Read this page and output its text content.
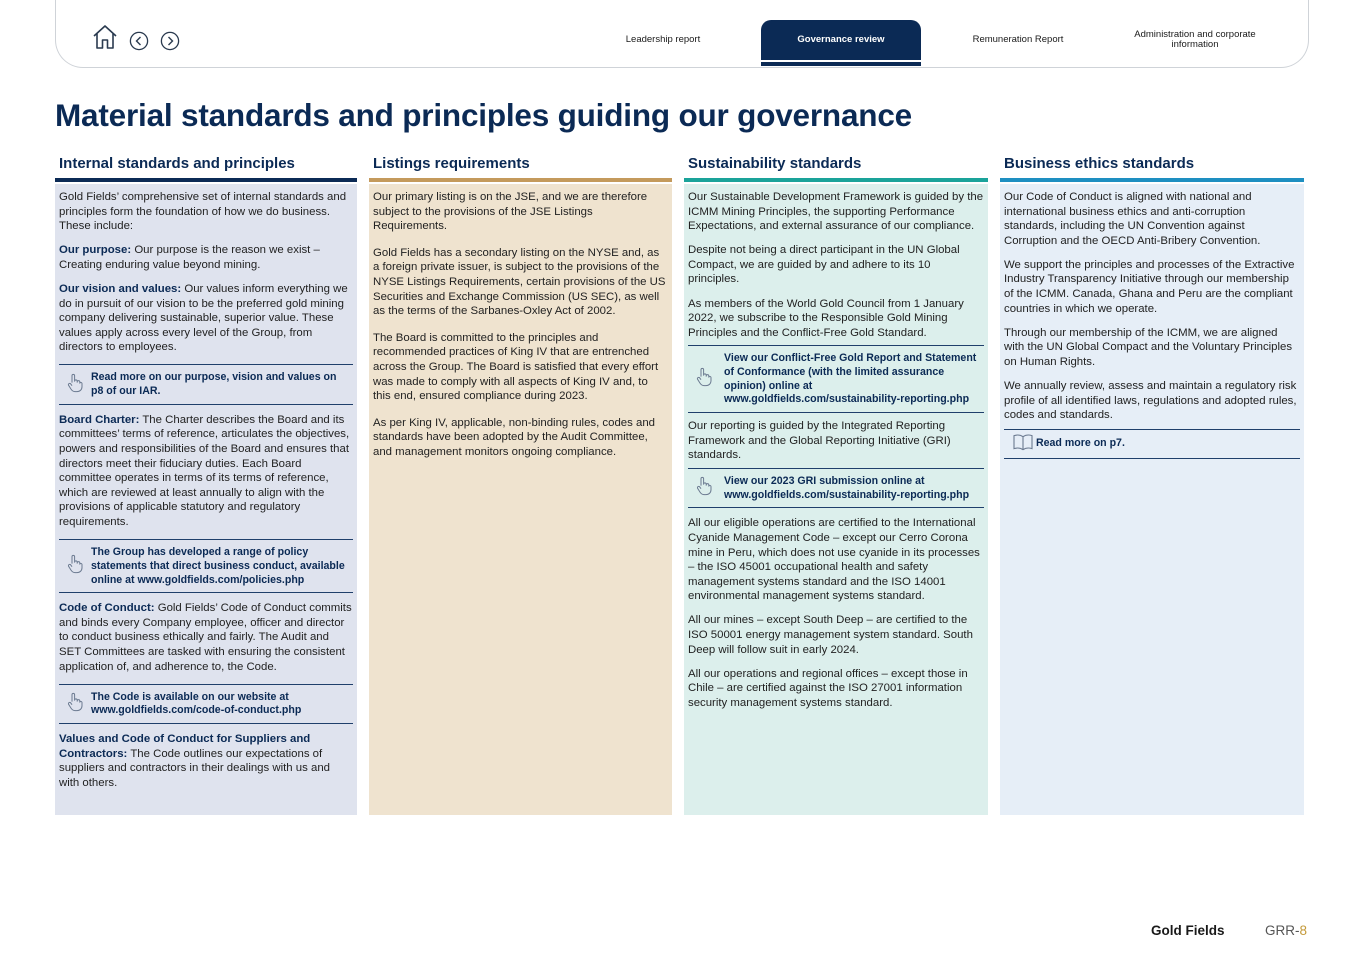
Leadership report	Governance review	Remuneration Report	Administration and corporate information
Material standards and principles guiding our governance
Internal standards and principles	Listings requirements	Sustainability standards	Business ethics standards

Gold Fields’ comprehensive set of internal standards and principles form the foundation of how we do business. These include:

Our purpose: Our purpose is the reason we exist – Creating enduring value beyond mining.

Our vision and values: Our values inform everything we do in pursuit of our vision to be the preferred gold mining company delivering sustainable, superior value. These values apply across every level of the Group, from directors to employees.

Read more on our purpose, vision and values on p8 of our IAR.

Board Charter: The Charter describes the Board and its committees’ terms of reference, articulates the objectives, powers and responsibilities of the Board and ensures that directors meet their fiduciary duties. Each Board committee operates in terms of its terms of reference, which are reviewed at least annually to align with the provisions of applicable statutory and regulatory requirements.

The Group has developed a range of policy statements that direct business conduct, available online at www.goldfields.com/policies.php

Code of Conduct: Gold Fields’ Code of Conduct commits and binds every Company employee, officer and director to conduct business ethically and fairly. The Audit and SET Committees are tasked with ensuring the consistent application of, and adherence to, the Code.

The Code is available on our website at www.goldfields.com/code-of-conduct.php

Values and Code of Conduct for Suppliers and Contractors: The Code outlines our expectations of suppliers and contractors in their dealings with us and with others.

Our primary listing is on the JSE, and we are therefore subject to the provisions of the JSE Listings Requirements.

Gold Fields has a secondary listing on the NYSE and, as a foreign private issuer, is subject to the provisions of the NYSE Listings Requirements, certain provisions of the US Securities and Exchange Commission (US SEC), as well as the terms of the Sarbanes-Oxley Act of 2002.

The Board is committed to the principles and recommended practices of King IV that are entrenched across the Group. The Board is satisfied that every effort was made to comply with all aspects of King IV and, to this end, ensured compliance during 2023.

As per King IV, applicable, non-binding rules, codes and standards have been adopted by the Audit Committee, and management monitors ongoing compliance.

Our Sustainable Development Framework is guided by the ICMM Mining Principles, the supporting Performance Expectations, and external assurance of our compliance.

Despite not being a direct participant in the UN Global Compact, we are guided by and adhere to its 10 principles.

As members of the World Gold Council from 1 January 2022, we subscribe to the Responsible Gold Mining Principles and the Conflict-Free Gold Standard.

View our Conflict-Free Gold Report and Statement of Conformance (with the limited assurance opinion) online at www.goldfields.com/sustainability-reporting.php

Our reporting is guided by the Integrated Reporting Framework and the Global Reporting Initiative (GRI) standards.

View our 2023 GRI submission online at www.goldfields.com/sustainability-reporting.php

All our eligible operations are certified to the International Cyanide Management Code – except our Cerro Corona mine in Peru, which does not use cyanide in its processes – the ISO 45001 occupational health and safety management systems standard and the ISO 14001 environmental management systems standard.

All our mines – except South Deep – are certified to the ISO 50001 energy management system standard. South Deep will follow suit in early 2024.

All our operations and regional offices – except those in Chile – are certified against the ISO 27001 information security management systems standard.

Our Code of Conduct is aligned with national and international business ethics and anti-corruption standards, including the UN Convention against Corruption and the OECD Anti-Bribery Convention.

We support the principles and processes of the Extractive Industry Transparency Initiative through our membership of the ICMM. Canada, Ghana and Peru are the compliant countries in which we operate.

Through our membership of the ICMM, we are aligned with the UN Global Compact and the Voluntary Principles on Human Rights.

We annually review, assess and maintain a regulatory risk profile of all identified laws, regulations and adopted rules, codes and standards.

Read more on p7.
Gold Fields	GRR-8
